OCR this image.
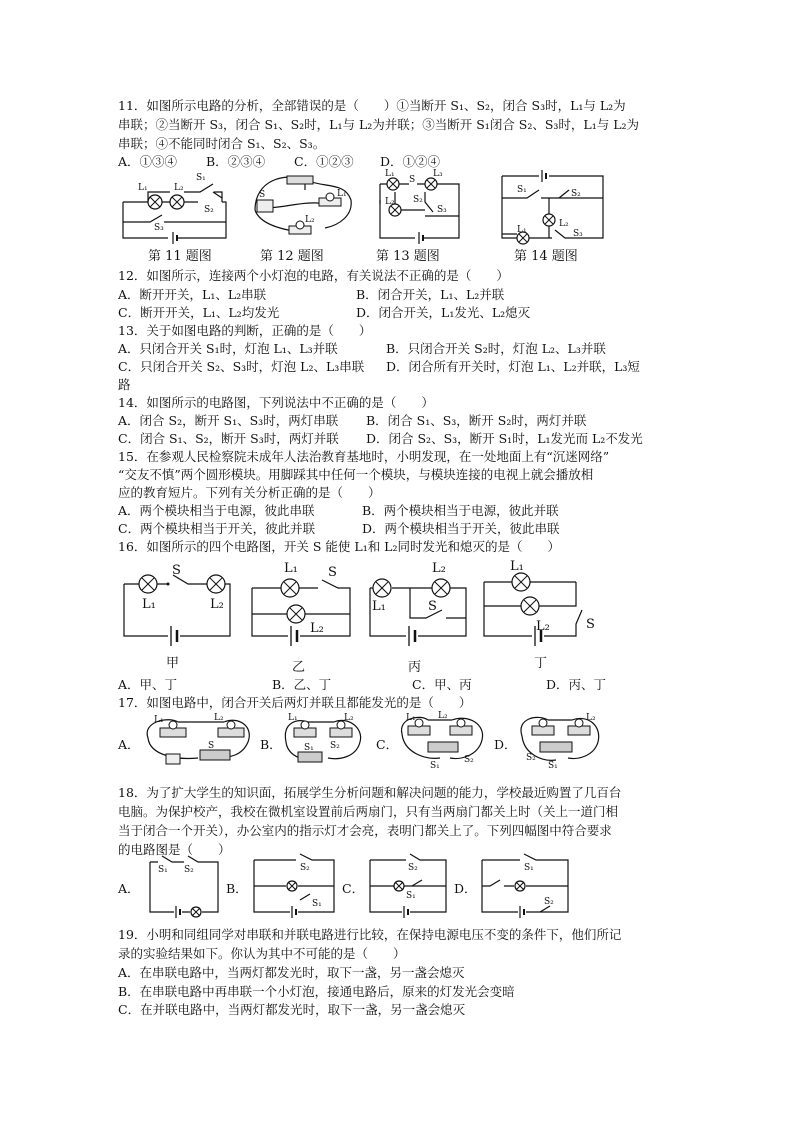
11．如图所示电路的分析，全部错误的是（　　）①当断开 S₁、S₂，闭合 S₃时，L₁与 L₂为
串联；②当断开 S₃，闭合 S₁、S₂时，L₁与 L₂为并联；③当断开 S₁闭合 S₂、S₃时，L₁与 L₂为
串联；④不能同时闭合 S₁、S₂、S₃。
A．①③④ B．②③④ C．①②③ D．①②④
L₁	L₂
S₁
S₂
S₃
S	L₁
L₂
L₁	L₃
L₂
S
S₂
S₃
S₁	S₂
L₂
L₁	S₃
第 11 题图	第 12 题图	第 13 题图	第 14 题图
12．如图所示，连接两个小灯泡的电路，有关说法不正确的是（　　）
A．断开开关，L₁、L₂串联	B．闭合开关，L₁、L₂并联
C．断开开关，L₁、L₂均发光	D．闭合开关，L₁发光、L₂熄灭
13．关于如图电路的判断，正确的是（　　）
A．只闭合开关 S₁时，灯泡 L₁、L₃并联	B．只闭合开关 S₂时，灯泡 L₂、L₃并联
C．只闭合开关 S₂、S₃时，灯泡 L₂、L₃串联 D．闭合所有开关时，灯泡 L₁、L₂并联，L₃短
路
14．如图所示的电路图，下列说法中不正确的是（　　）
A．闭合 S₂，断开 S₁、S₃时，两灯串联 B．闭合 S₁、S₃，断开 S₂时，两灯并联
C．闭合 S₁、S₂，断开 S₃时，两灯并联 D．闭合 S₂、S₃，断开 S₁时，L₁发光而 L₂不发光
15．在参观人民检察院未成年人法治教育基地时，小明发现，在一处地面上有“沉迷网络”
“交友不慎”两个圆形模块。用脚踩其中任何一个模块，与模块连接的电视上就会播放相
应的教育短片。下列有关分析正确的是（　　）
A．两个模块相当于电源，彼此串联	B．两个模块相当于电源，彼此并联
C．两个模块相当于开关，彼此并联	D．两个模块相当于开关，彼此串联
16．如图所示的四个电路图，开关 S 能使 L₁和 L₂同时发光和熄灭的是（　　）
S
L₁	L₂
甲
L₁ S
L₂
乙
L₁
L₂
S
丙
L₁
L₂	S
丁
A．甲、丁	B．乙、丁	C．甲、丙	D．丙、丁
17．如图电路中，闭合开关后两灯并联且都能发光的是（　　）
A．	B．	C．	D．
L₁	L₂
S
L₁	L₂
S₁ S₂
L₁ L₂
S₁
S₂	S₂
S₁
L₂
18．为了扩大学生的知识面，拓展学生分析问题和解决问题的能力，学校最近购置了几百台
电脑。为保护校产，我校在微机室设置前后两扇门，只有当两扇门都关上时（关上一道门相
当于闭合一个开关），办公室内的指示灯才会亮，表明门都关上了。下列四幅图中符合要求
的电路图是（　　）
A．
S₁ S₂
B．
S₂
S₁
C．
S₂
S₁	D．
S₁
S₂
19．小明和同组同学对串联和并联电路进行比较，在保持电源电压不变的条件下，他们所记
录的实验结果如下。你认为其中不可能的是（　　）
A．在串联电路中，当两灯都发光时，取下一盏，另一盏会熄灭
B．在串联电路中再串联一个小灯泡，接通电路后，原来的灯发光会变暗
C．在并联电路中，当两灯都发光时，取下一盏，另一盏会熄灭
